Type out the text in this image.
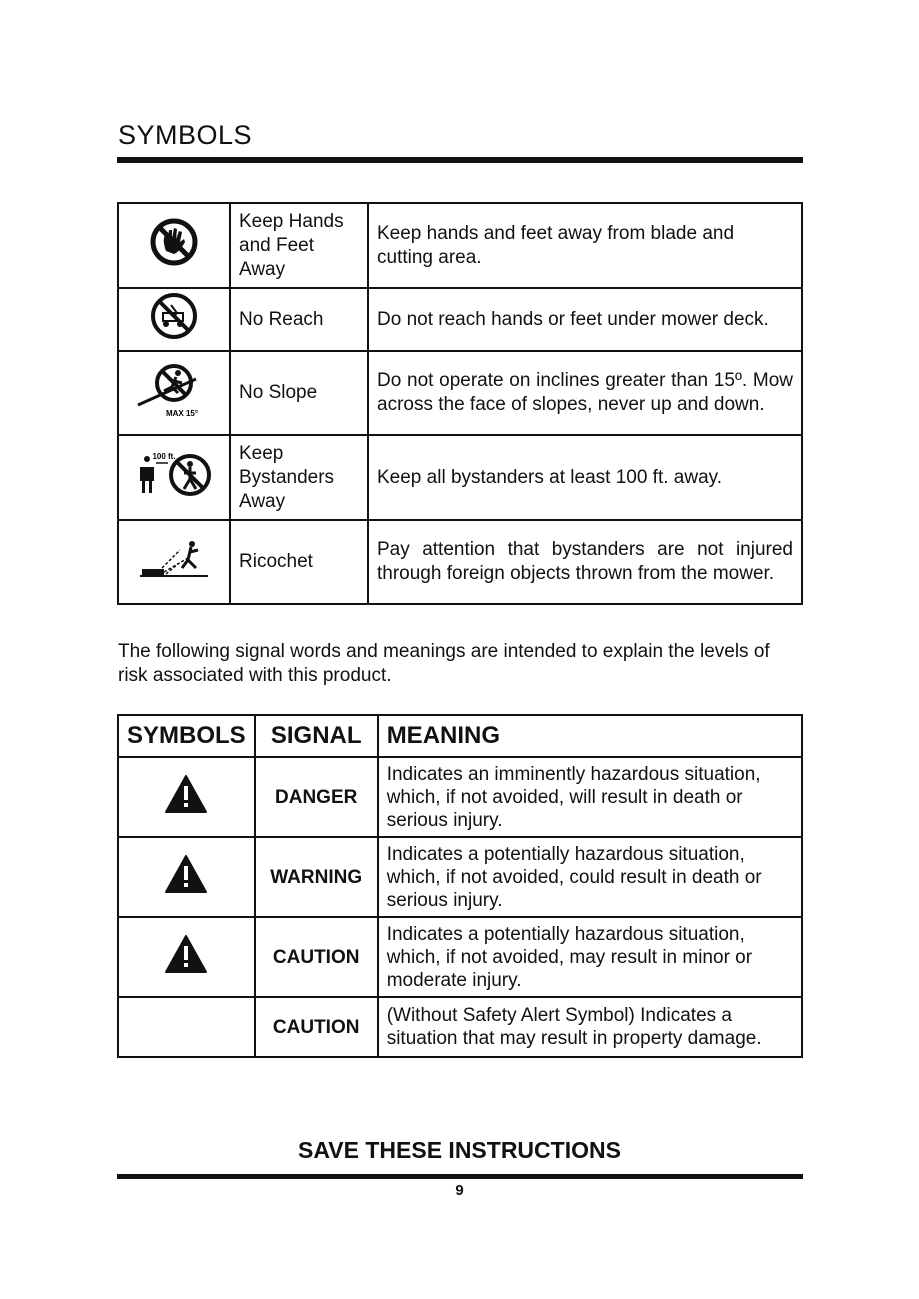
SYMBOLS
	Keep Hands and Feet Away	Keep hands and feet away from blade and cutting area.
	No Reach	Do not reach hands or feet under mower deck.

MAX 15°	No Slope	Do not operate on inclines greater than 15º. Mow across the face of slopes, never up and down.

100 ft.	Keep Bystanders Away	Keep all bystanders at least 100 ft. away.
	Ricochet	Pay attention that bystanders are not injured through foreign objects thrown from the mower.
The following signal words and meanings are intended to explain the levels of risk associated with this product.
SYMBOLS	SIGNAL	MEANING
	DANGER	Indicates an imminently hazardous situation, which, if not avoided, will result in death or serious injury.
	WARNING	Indicates a potentially hazardous situation, which, if not avoided, could result in death or serious injury.
	CAUTION	Indicates a potentially hazardous situation, which, if not avoided, may result in minor or moderate injury.
	CAUTION	(Without Safety Alert Symbol) Indicates a situation that may result in property damage.
SAVE THESE INSTRUCTIONS
9
